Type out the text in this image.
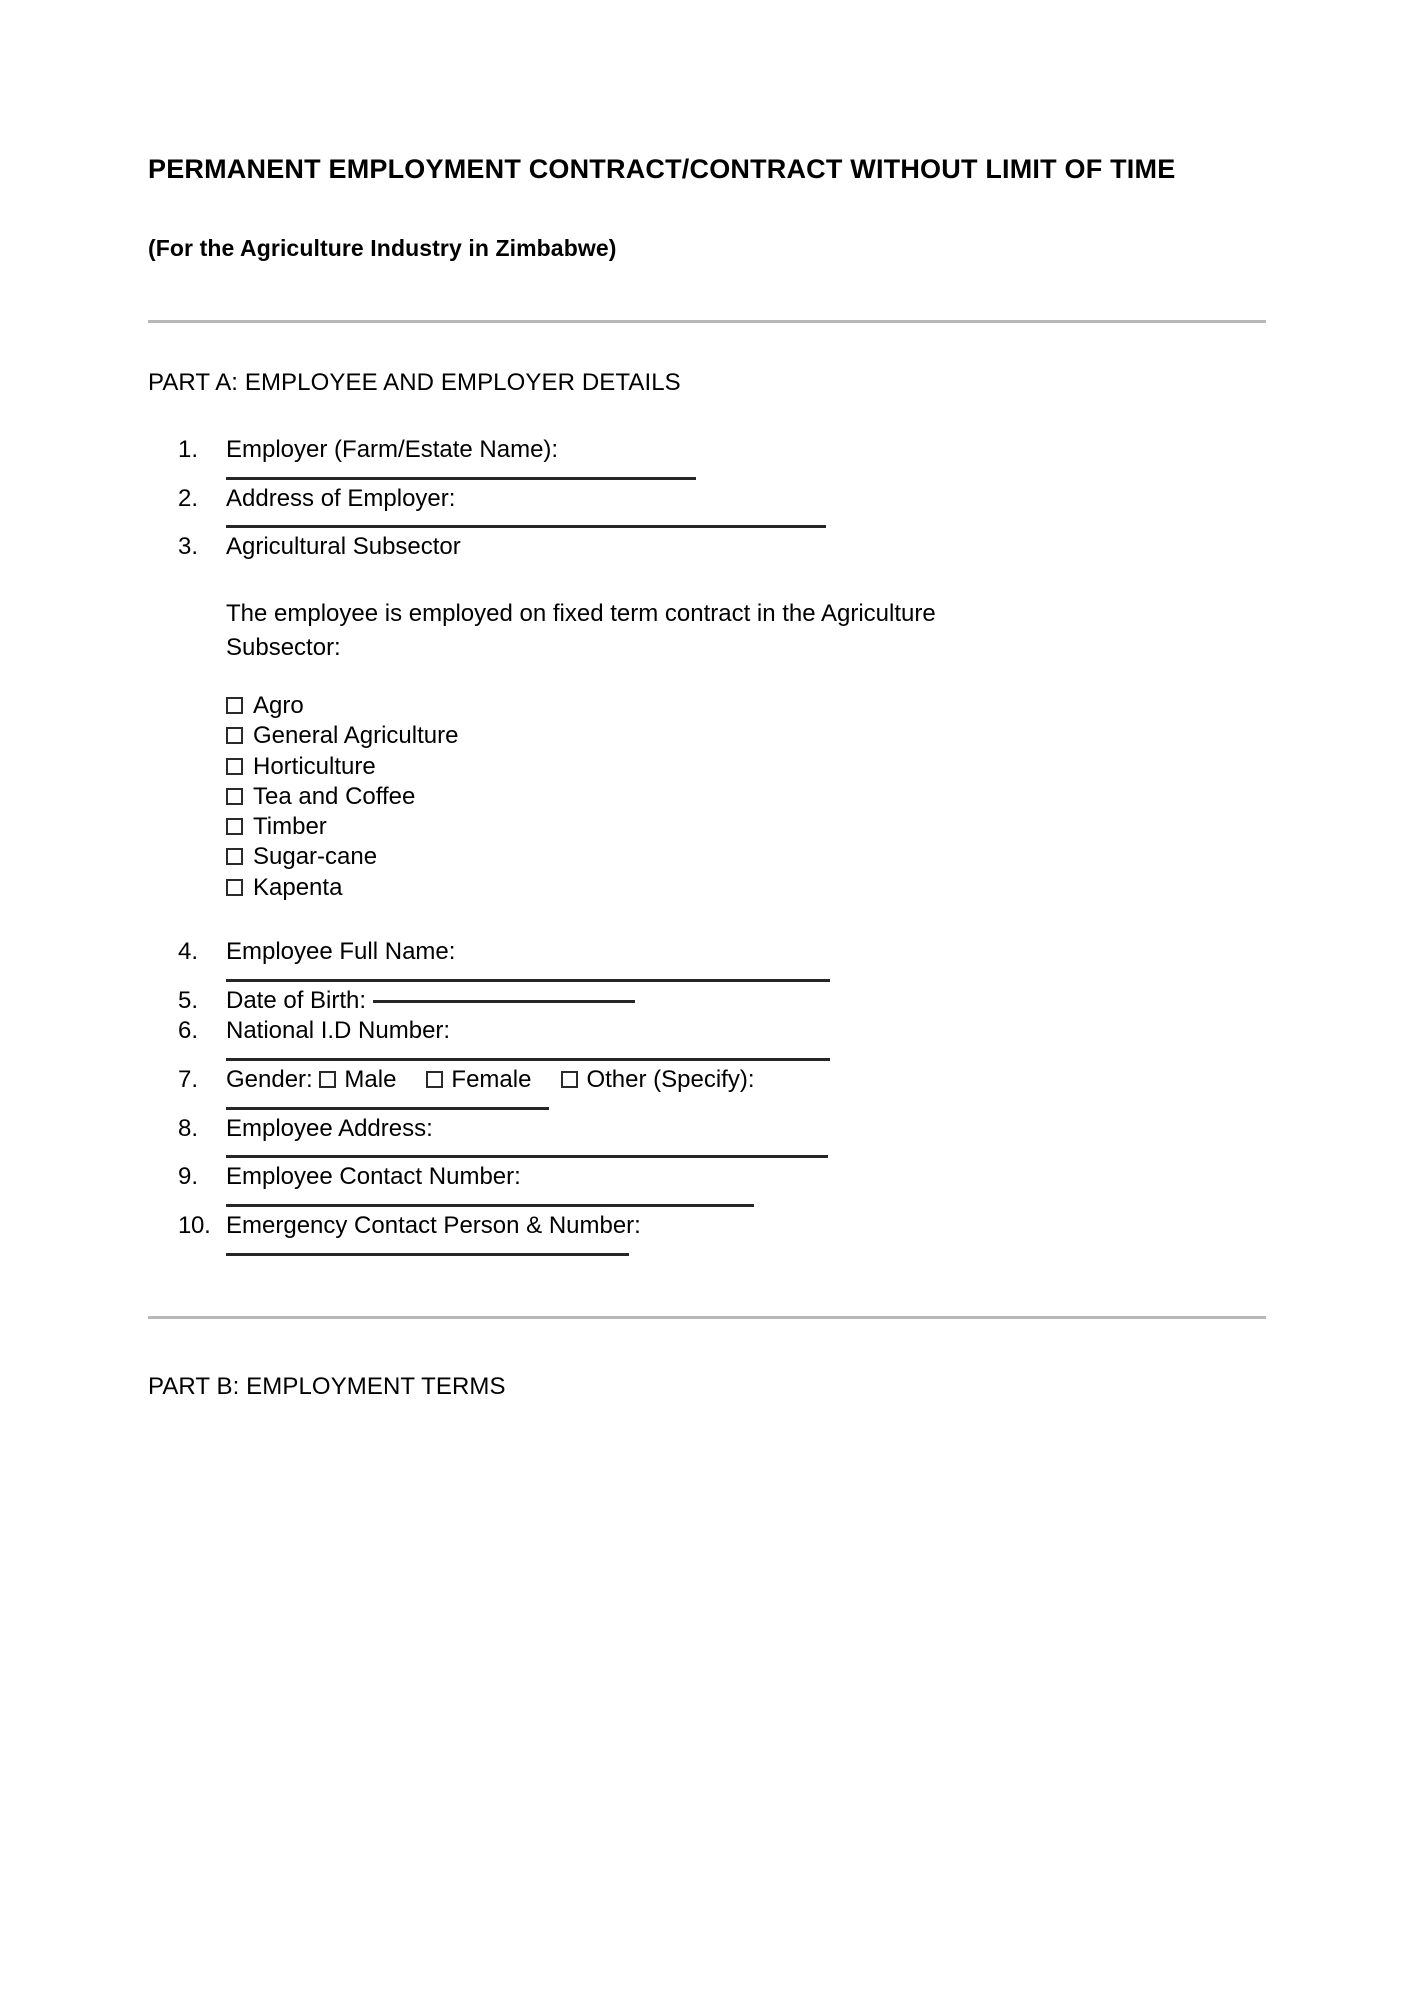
PERMANENT EMPLOYMENT CONTRACT/CONTRACT WITHOUT LIMIT OF TIME
(For the Agriculture Industry in Zimbabwe)
PART A: EMPLOYEE AND EMPLOYER DETAILS
1.	Employer (Farm/Estate Name):
2.	Address of Employer:
3.	Agricultural Subsector
The employee is employed on fixed term contract in the Agriculture Subsector:
Agro
General Agriculture
Horticulture
Tea and Coffee
Timber
Sugar-cane
Kapenta
4.	Employee Full Name:
5.	Date of Birth:
6.	National I.D Number:
7.	Gender: Male Female Other (Specify):
8.	Employee Address:
9.	Employee Contact Number:
10. Emergency Contact Person & Number:
PART B: EMPLOYMENT TERMS
